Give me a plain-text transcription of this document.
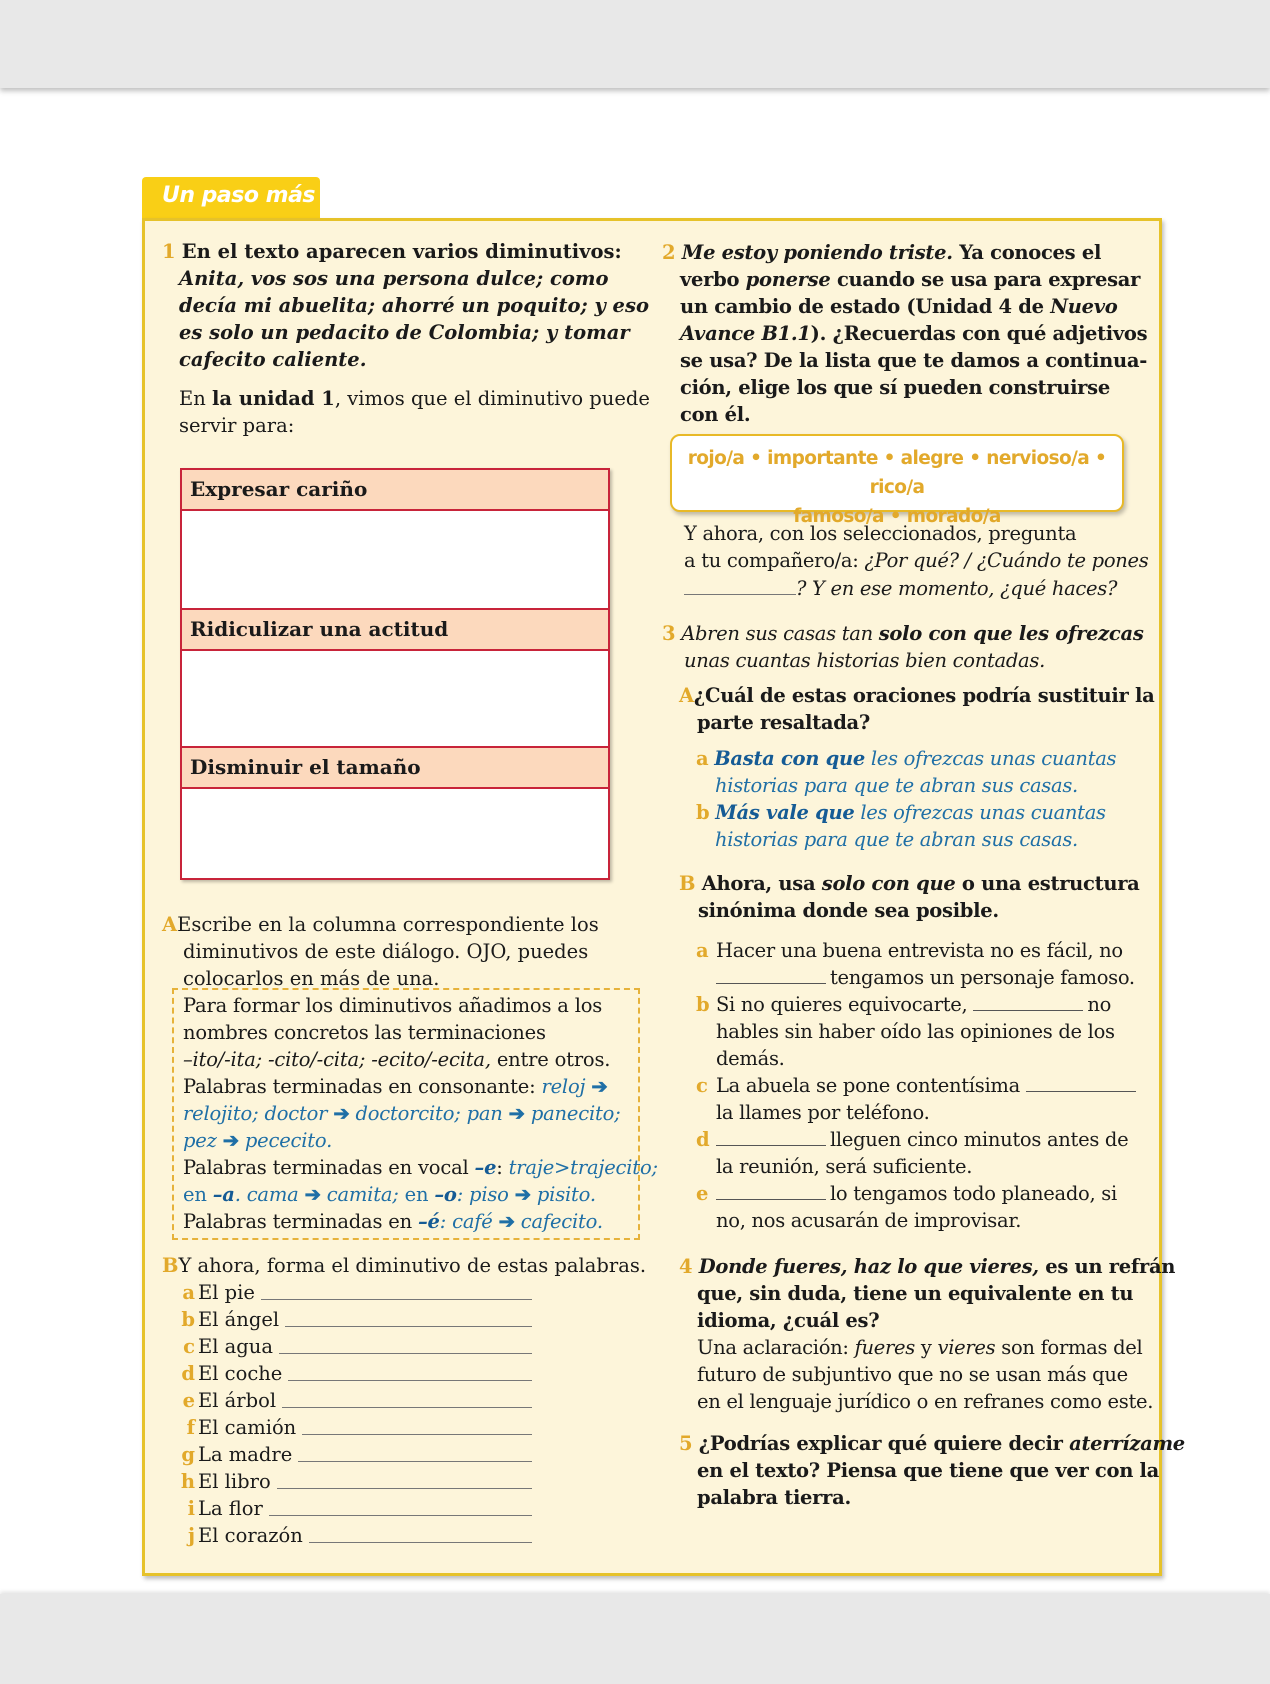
Un paso más
1 En el texto aparecen varios diminutivos:
Anita, vos sos una persona dulce; como
decía mi abuelita; ahorré un poquito; y eso
es solo un pedacito de Colombia; y tomar
cafecito caliente.
En la unidad 1, vimos que el diminutivo puede
servir para:
Expresar cariño
Ridiculizar una actitud
Disminuir el tamaño
AEscribe en la columna correspondiente los
diminutivos de este diálogo. OJO, puedes
colocarlos en más de una.
Para formar los diminutivos añadimos a los
nombres concretos las terminaciones
–ito/-ita; -cito/-cita; -ecito/-ecita, entre otros.
Palabras terminadas en consonante: reloj ➔
relojito; doctor ➔ doctorcito; pan ➔ panecito;
pez ➔ pececito.
Palabras terminadas en vocal –e: traje>trajecito;
en –a. cama ➔ camita; en –o: piso ➔ pisito.
Palabras terminadas en –é: café ➔ cafecito.
BY ahora, forma el diminutivo de estas palabras.
a El pie
b El ángel
c El agua
d El coche
e El árbol
f El camión
g La madre
h El libro
i La flor
j El corazón
2 Me estoy poniendo triste. Ya conoces el
verbo ponerse cuando se usa para expresar
un cambio de estado (Unidad 4 de Nuevo
Avance B1.1). ¿Recuerdas con qué adjetivos
se usa? De la lista que te damos a continua-
ción, elige los que sí pueden construirse
con él.
rojo/a • importante • alegre • nervioso/a • rico/a
famoso/a • morado/a
Y ahora, con los seleccionados, pregunta
a tu compañero/a: ¿Por qué? / ¿Cuándo te pones
? Y en ese momento, ¿qué haces?
3 Abren sus casas tan solo con que les ofrezcas
unas cuantas historias bien contadas.
A¿Cuál de estas oraciones podría sustituir la
parte resaltada?
a Basta con que les ofrezcas unas cuantas
historias para que te abran sus casas.
b Más vale que les ofrezcas unas cuantas
historias para que te abran sus casas.
B Ahora, usa solo con que o una estructura
sinónima donde sea posible.
a Hacer una buena entrevista no es fácil, no
tengamos un personaje famoso.
b Si no quieres equivocarte,	no
hables sin haber oído las opiniones de los
demás.
c La abuela se pone contentísima
la llames por teléfono.
d	lleguen cinco minutos antes de
la reunión, será suficiente.
e	lo tengamos todo planeado, si
no, nos acusarán de improvisar.
4 Donde fueres, haz lo que vieres, es un refrán
que, sin duda, tiene un equivalente en tu
idioma, ¿cuál es?
Una aclaración: fueres y vieres son formas del
futuro de subjuntivo que no se usan más que
en el lenguaje jurídico o en refranes como este.
5 ¿Podrías explicar qué quiere decir aterrízame
en el texto? Piensa que tiene que ver con la
palabra tierra.
